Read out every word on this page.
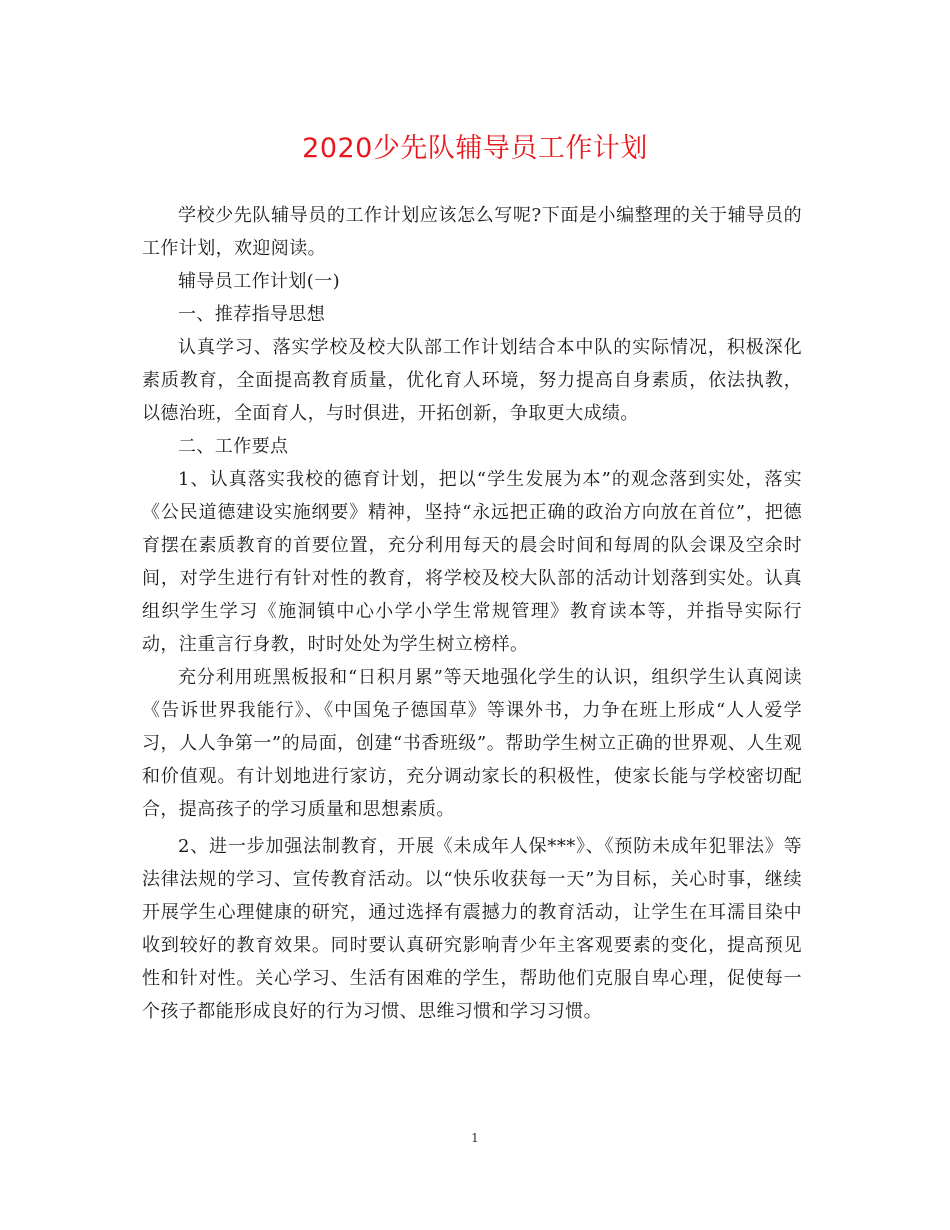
2020少先队辅导员工作计划

学校少先队辅导员的工作计划应该怎么写呢?下面是小编整理的关于辅导员的工作计划，欢迎阅读。

辅导员工作计划(一)

一、推荐指导思想

认真学习、落实学校及校大队部工作计划结合本中队的实际情况，积极深化素质教育，全面提高教育质量，优化育人环境，努力提高自身素质，依法执教，以德治班，全面育人，与时俱进，开拓创新，争取更大成绩。

二、工作要点

1、认真落实我校的德育计划，把以“学生发展为本”的观念落到实处，落实《公民道德建设实施纲要》精神，坚持“永远把正确的政治方向放在首位”，把德育摆在素质教育的首要位置，充分利用每天的晨会时间和每周的队会课及空余时间，对学生进行有针对性的教育，将学校及校大队部的活动计划落到实处。认真组织学生学习《施洞镇中心小学小学生常规管理》教育读本等，并指导实际行动，注重言行身教，时时处处为学生树立榜样。

充分利用班黑板报和“日积月累”等天地强化学生的认识，组织学生认真阅读《告诉世界我能行》、《中国兔子德国草》等课外书，力争在班上形成“人人爱学习，人人争第一”的局面，创建“书香班级”。帮助学生树立正确的世界观、人生观和价值观。有计划地进行家访，充分调动家长的积极性，使家长能与学校密切配合，提高孩子的学习质量和思想素质。

2、进一步加强法制教育，开展《未成年人保***》、《预防未成年犯罪法》等法律法规的学习、宣传教育活动。以“快乐收获每一天”为目标，关心时事，继续开展学生心理健康的研究，通过选择有震撼力的教育活动，让学生在耳濡目染中收到较好的教育效果。同时要认真研究影响青少年主客观要素的变化，提高预见性和针对性。关心学习、生活有困难的学生，帮助他们克服自卑心理，促使每一个孩子都能形成良好的行为习惯、思维习惯和学习习惯。

1
